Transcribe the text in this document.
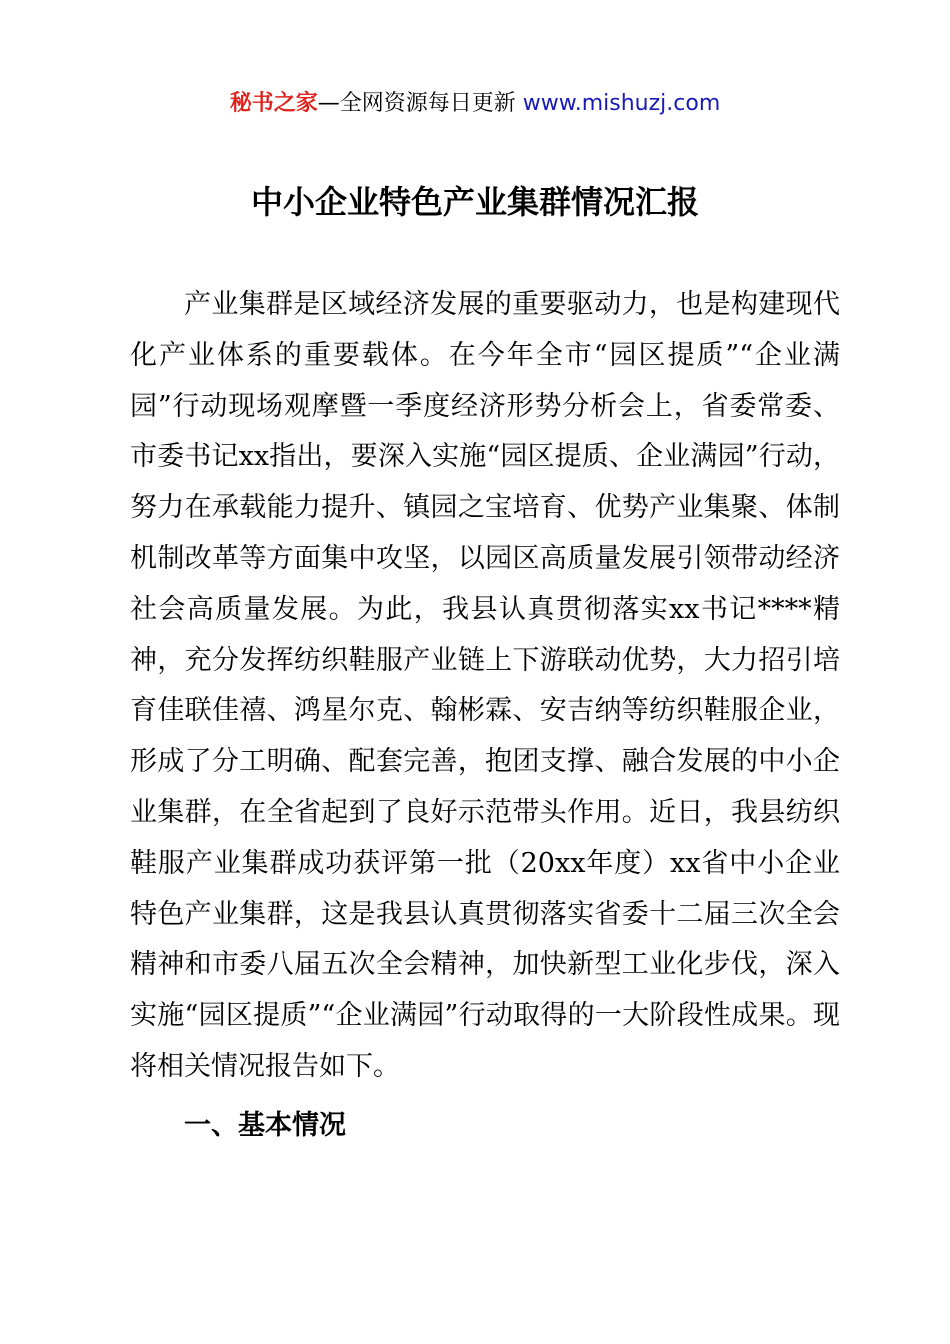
秘书之家—全网资源每日更新 www.mishuzj.com
中小企业特色产业集群情况汇报

产业集群是区域经济发展的重要驱动力，也是构建现代化产业体系的重要载体。在今年全市“园区提质”“企业满园”行动现场观摩暨一季度经济形势分析会上，省委常委、市委书记xx指出，要深入实施“园区提质、企业满园”行动，努力在承载能力提升、镇园之宝培育、优势产业集聚、体制机制改革等方面集中攻坚，以园区高质量发展引领带动经济社会高质量发展。为此，我县认真贯彻落实xx书记****精神，充分发挥纺织鞋服产业链上下游联动优势，大力招引培育佳联佳禧、鸿星尔克、翰彬霖、安吉纳等纺织鞋服企业，形成了分工明确、配套完善，抱团支撑、融合发展的中小企业集群，在全省起到了良好示范带头作用。近日，我县纺织鞋服产业集群成功获评第一批（20xx年度）xx省中小企业特色产业集群，这是我县认真贯彻落实省委十二届三次全会精神和市委八届五次全会精神，加快新型工业化步伐，深入实施“园区提质”“企业满园”行动取得的一大阶段性成果。现将相关情况报告如下。

一、基本情况
